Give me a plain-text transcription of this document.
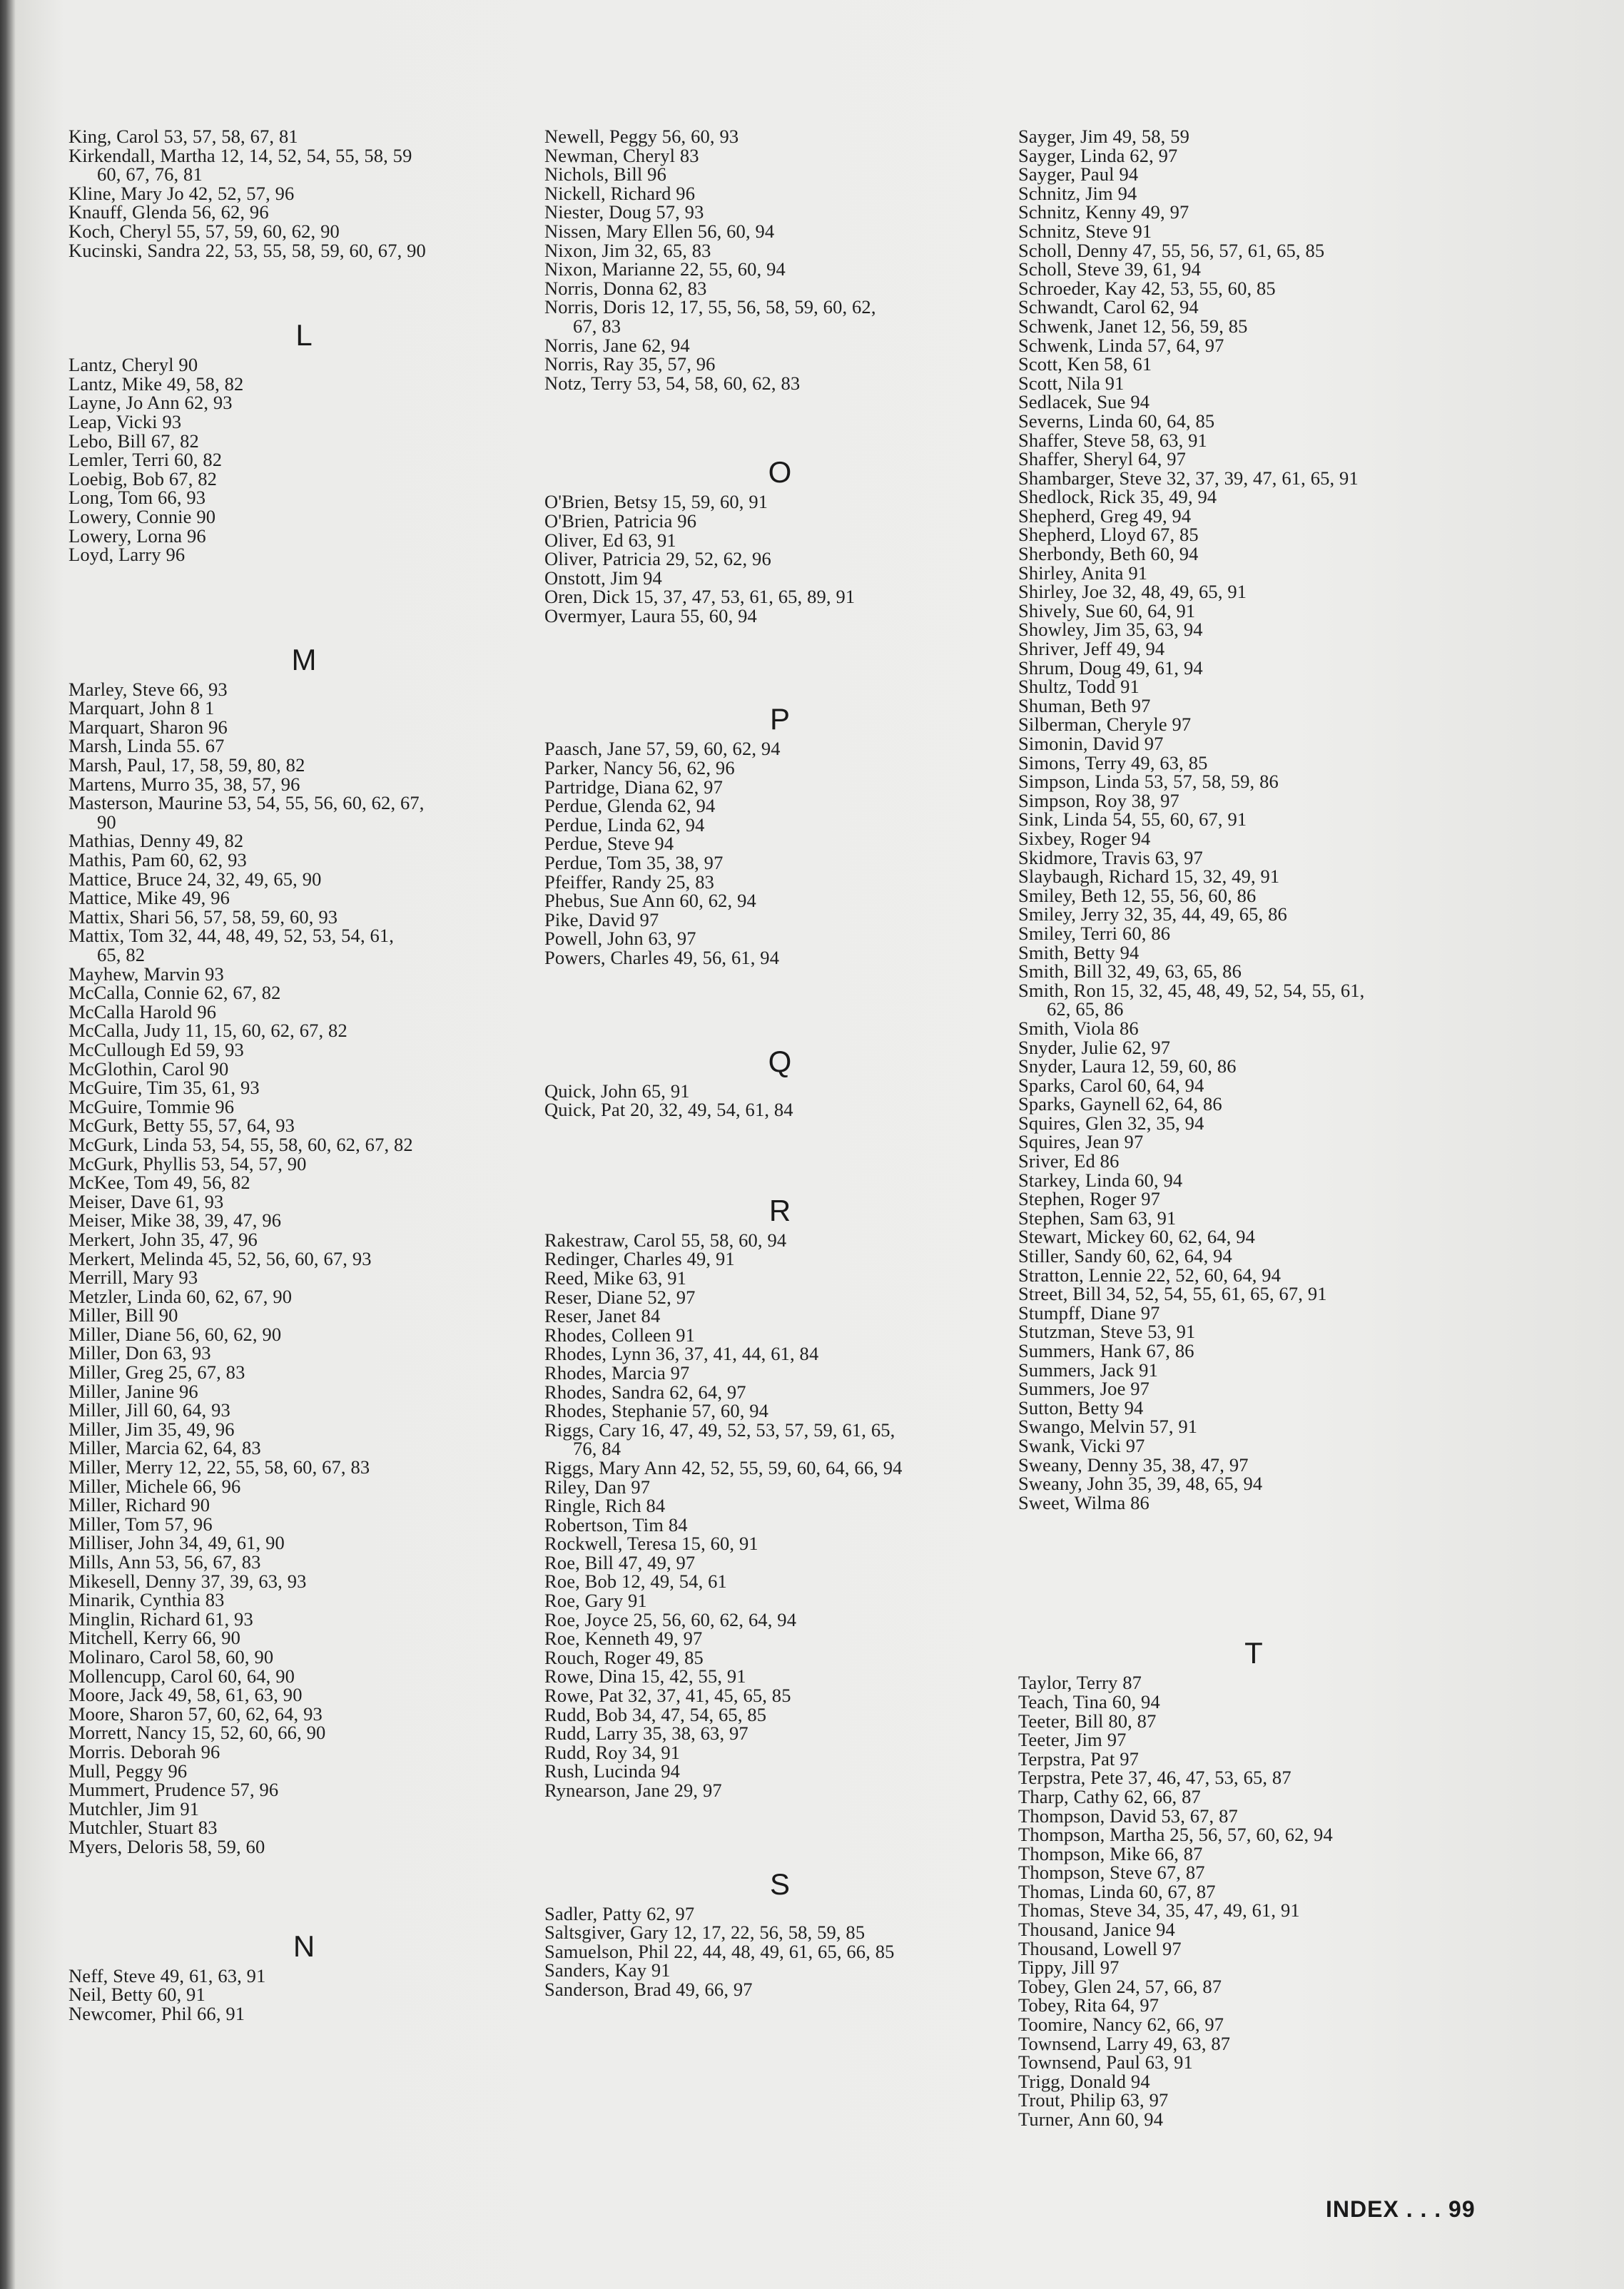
King, Carol 53, 57, 58, 67, 81
Kirkendall, Martha 12, 14, 52, 54, 55, 58, 59
60, 67, 76, 81
Kline, Mary Jo 42, 52, 57, 96
Knauff, Glenda 56, 62, 96
Koch, Cheryl 55, 57, 59, 60, 62, 90
Kucinski, Sandra 22, 53, 55, 58, 59, 60, 67, 90
L
Lantz, Cheryl 90
Lantz, Mike 49, 58, 82
Layne, Jo Ann 62, 93
Leap, Vicki 93
Lebo, Bill 67, 82
Lemler, Terri 60, 82
Loebig, Bob 67, 82
Long, Tom 66, 93
Lowery, Connie 90
Lowery, Lorna 96
Loyd, Larry 96
M
Marley, Steve 66, 93
Marquart, John 8 1
Marquart, Sharon 96
Marsh, Linda 55. 67
Marsh, Paul, 17, 58, 59, 80, 82
Martens, Murro 35, 38, 57, 96
Masterson, Maurine 53, 54, 55, 56, 60, 62, 67,
90
Mathias, Denny 49, 82
Mathis, Pam 60, 62, 93
Mattice, Bruce 24, 32, 49, 65, 90
Mattice, Mike 49, 96
Mattix, Shari 56, 57, 58, 59, 60, 93
Mattix, Tom 32, 44, 48, 49, 52, 53, 54, 61,
65, 82
Mayhew, Marvin 93
McCalla, Connie 62, 67, 82
McCalla Harold 96
McCalla, Judy 11, 15, 60, 62, 67, 82
McCullough Ed 59, 93
McGlothin, Carol 90
McGuire, Tim 35, 61, 93
McGuire, Tommie 96
McGurk, Betty 55, 57, 64, 93
McGurk, Linda 53, 54, 55, 58, 60, 62, 67, 82
McGurk, Phyllis 53, 54, 57, 90
McKee, Tom 49, 56, 82
Meiser, Dave 61, 93
Meiser, Mike 38, 39, 47, 96
Merkert, John 35, 47, 96
Merkert, Melinda 45, 52, 56, 60, 67, 93
Merrill, Mary 93
Metzler, Linda 60, 62, 67, 90
Miller, Bill 90
Miller, Diane 56, 60, 62, 90
Miller, Don 63, 93
Miller, Greg 25, 67, 83
Miller, Janine 96
Miller, Jill 60, 64, 93
Miller, Jim 35, 49, 96
Miller, Marcia 62, 64, 83
Miller, Merry 12, 22, 55, 58, 60, 67, 83
Miller, Michele 66, 96
Miller, Richard 90
Miller, Tom 57, 96
Milliser, John 34, 49, 61, 90
Mills, Ann 53, 56, 67, 83
Mikesell, Denny 37, 39, 63, 93
Minarik, Cynthia 83
Minglin, Richard 61, 93
Mitchell, Kerry 66, 90
Molinaro, Carol 58, 60, 90
Mollencupp, Carol 60, 64, 90
Moore, Jack 49, 58, 61, 63, 90
Moore, Sharon 57, 60, 62, 64, 93
Morrett, Nancy 15, 52, 60, 66, 90
Morris. Deborah 96
Mull, Peggy 96
Mummert, Prudence 57, 96
Mutchler, Jim 91
Mutchler, Stuart 83
Myers, Deloris 58, 59, 60
N
Neff, Steve 49, 61, 63, 91
Neil, Betty 60, 91
Newcomer, Phil 66, 91
Newell, Peggy 56, 60, 93
Newman, Cheryl 83
Nichols, Bill 96
Nickell, Richard 96
Niester, Doug 57, 93
Nissen, Mary Ellen 56, 60, 94
Nixon, Jim 32, 65, 83
Nixon, Marianne 22, 55, 60, 94
Norris, Donna 62, 83
Norris, Doris 12, 17, 55, 56, 58, 59, 60, 62,
67, 83
Norris, Jane 62, 94
Norris, Ray 35, 57, 96
Notz, Terry 53, 54, 58, 60, 62, 83
O
O'Brien, Betsy 15, 59, 60, 91
O'Brien, Patricia 96
Oliver, Ed 63, 91
Oliver, Patricia 29, 52, 62, 96
Onstott, Jim 94
Oren, Dick 15, 37, 47, 53, 61, 65, 89, 91
Overmyer, Laura 55, 60, 94
P
Paasch, Jane 57, 59, 60, 62, 94
Parker, Nancy 56, 62, 96
Partridge, Diana 62, 97
Perdue, Glenda 62, 94
Perdue, Linda 62, 94
Perdue, Steve 94
Perdue, Tom 35, 38, 97
Pfeiffer, Randy 25, 83
Phebus, Sue Ann 60, 62, 94
Pike, David 97
Powell, John 63, 97
Powers, Charles 49, 56, 61, 94
Q
Quick, John 65, 91
Quick, Pat 20, 32, 49, 54, 61, 84
R
Rakestraw, Carol 55, 58, 60, 94
Redinger, Charles 49, 91
Reed, Mike 63, 91
Reser, Diane 52, 97
Reser, Janet 84
Rhodes, Colleen 91
Rhodes, Lynn 36, 37, 41, 44, 61, 84
Rhodes, Marcia 97
Rhodes, Sandra 62, 64, 97
Rhodes, Stephanie 57, 60, 94
Riggs, Cary 16, 47, 49, 52, 53, 57, 59, 61, 65,
76, 84
Riggs, Mary Ann 42, 52, 55, 59, 60, 64, 66, 94
Riley, Dan 97
Ringle, Rich 84
Robertson, Tim 84
Rockwell, Teresa 15, 60, 91
Roe, Bill 47, 49, 97
Roe, Bob 12, 49, 54, 61
Roe, Gary 91
Roe, Joyce 25, 56, 60, 62, 64, 94
Roe, Kenneth 49, 97
Rouch, Roger 49, 85
Rowe, Dina 15, 42, 55, 91
Rowe, Pat 32, 37, 41, 45, 65, 85
Rudd, Bob 34, 47, 54, 65, 85
Rudd, Larry 35, 38, 63, 97
Rudd, Roy 34, 91
Rush, Lucinda 94
Rynearson, Jane 29, 97
S
Sadler, Patty 62, 97
Saltsgiver, Gary 12, 17, 22, 56, 58, 59, 85
Samuelson, Phil 22, 44, 48, 49, 61, 65, 66, 85
Sanders, Kay 91
Sanderson, Brad 49, 66, 97
Sayger, Jim 49, 58, 59
Sayger, Linda 62, 97
Sayger, Paul 94
Schnitz, Jim 94
Schnitz, Kenny 49, 97
Schnitz, Steve 91
Scholl, Denny 47, 55, 56, 57, 61, 65, 85
Scholl, Steve 39, 61, 94
Schroeder, Kay 42, 53, 55, 60, 85
Schwandt, Carol 62, 94
Schwenk, Janet 12, 56, 59, 85
Schwenk, Linda 57, 64, 97
Scott, Ken 58, 61
Scott, Nila 91
Sedlacek, Sue 94
Severns, Linda 60, 64, 85
Shaffer, Steve 58, 63, 91
Shaffer, Sheryl 64, 97
Shambarger, Steve 32, 37, 39, 47, 61, 65, 91
Shedlock, Rick 35, 49, 94
Shepherd, Greg 49, 94
Shepherd, Lloyd 67, 85
Sherbondy, Beth 60, 94
Shirley, Anita 91
Shirley, Joe 32, 48, 49, 65, 91
Shively, Sue 60, 64, 91
Showley, Jim 35, 63, 94
Shriver, Jeff 49, 94
Shrum, Doug 49, 61, 94
Shultz, Todd 91
Shuman, Beth 97
Silberman, Cheryle 97
Simonin, David 97
Simons, Terry 49, 63, 85
Simpson, Linda 53, 57, 58, 59, 86
Simpson, Roy 38, 97
Sink, Linda 54, 55, 60, 67, 91
Sixbey, Roger 94
Skidmore, Travis 63, 97
Slaybaugh, Richard 15, 32, 49, 91
Smiley, Beth 12, 55, 56, 60, 86
Smiley, Jerry 32, 35, 44, 49, 65, 86
Smiley, Terri 60, 86
Smith, Betty 94
Smith, Bill 32, 49, 63, 65, 86
Smith, Ron 15, 32, 45, 48, 49, 52, 54, 55, 61,
62, 65, 86
Smith, Viola 86
Snyder, Julie 62, 97
Snyder, Laura 12, 59, 60, 86
Sparks, Carol 60, 64, 94
Sparks, Gaynell 62, 64, 86
Squires, Glen 32, 35, 94
Squires, Jean 97
Sriver, Ed 86
Starkey, Linda 60, 94
Stephen, Roger 97
Stephen, Sam 63, 91
Stewart, Mickey 60, 62, 64, 94
Stiller, Sandy 60, 62, 64, 94
Stratton, Lennie 22, 52, 60, 64, 94
Street, Bill 34, 52, 54, 55, 61, 65, 67, 91
Stumpff, Diane 97
Stutzman, Steve 53, 91
Summers, Hank 67, 86
Summers, Jack 91
Summers, Joe 97
Sutton, Betty 94
Swango, Melvin 57, 91
Swank, Vicki 97
Sweany, Denny 35, 38, 47, 97
Sweany, John 35, 39, 48, 65, 94
Sweet, Wilma 86
T
Taylor, Terry 87
Teach, Tina 60, 94
Teeter, Bill 80, 87
Teeter, Jim 97
Terpstra, Pat 97
Terpstra, Pete 37, 46, 47, 53, 65, 87
Tharp, Cathy 62, 66, 87
Thompson, David 53, 67, 87
Thompson, Martha 25, 56, 57, 60, 62, 94
Thompson, Mike 66, 87
Thompson, Steve 67, 87
Thomas, Linda 60, 67, 87
Thomas, Steve 34, 35, 47, 49, 61, 91
Thousand, Janice 94
Thousand, Lowell 97
Tippy, Jill 97
Tobey, Glen 24, 57, 66, 87
Tobey, Rita 64, 97
Toomire, Nancy 62, 66, 97
Townsend, Larry 49, 63, 87
Townsend, Paul 63, 91
Trigg, Donald 94
Trout, Philip 63, 97
Turner, Ann 60, 94
INDEX . . . 99
